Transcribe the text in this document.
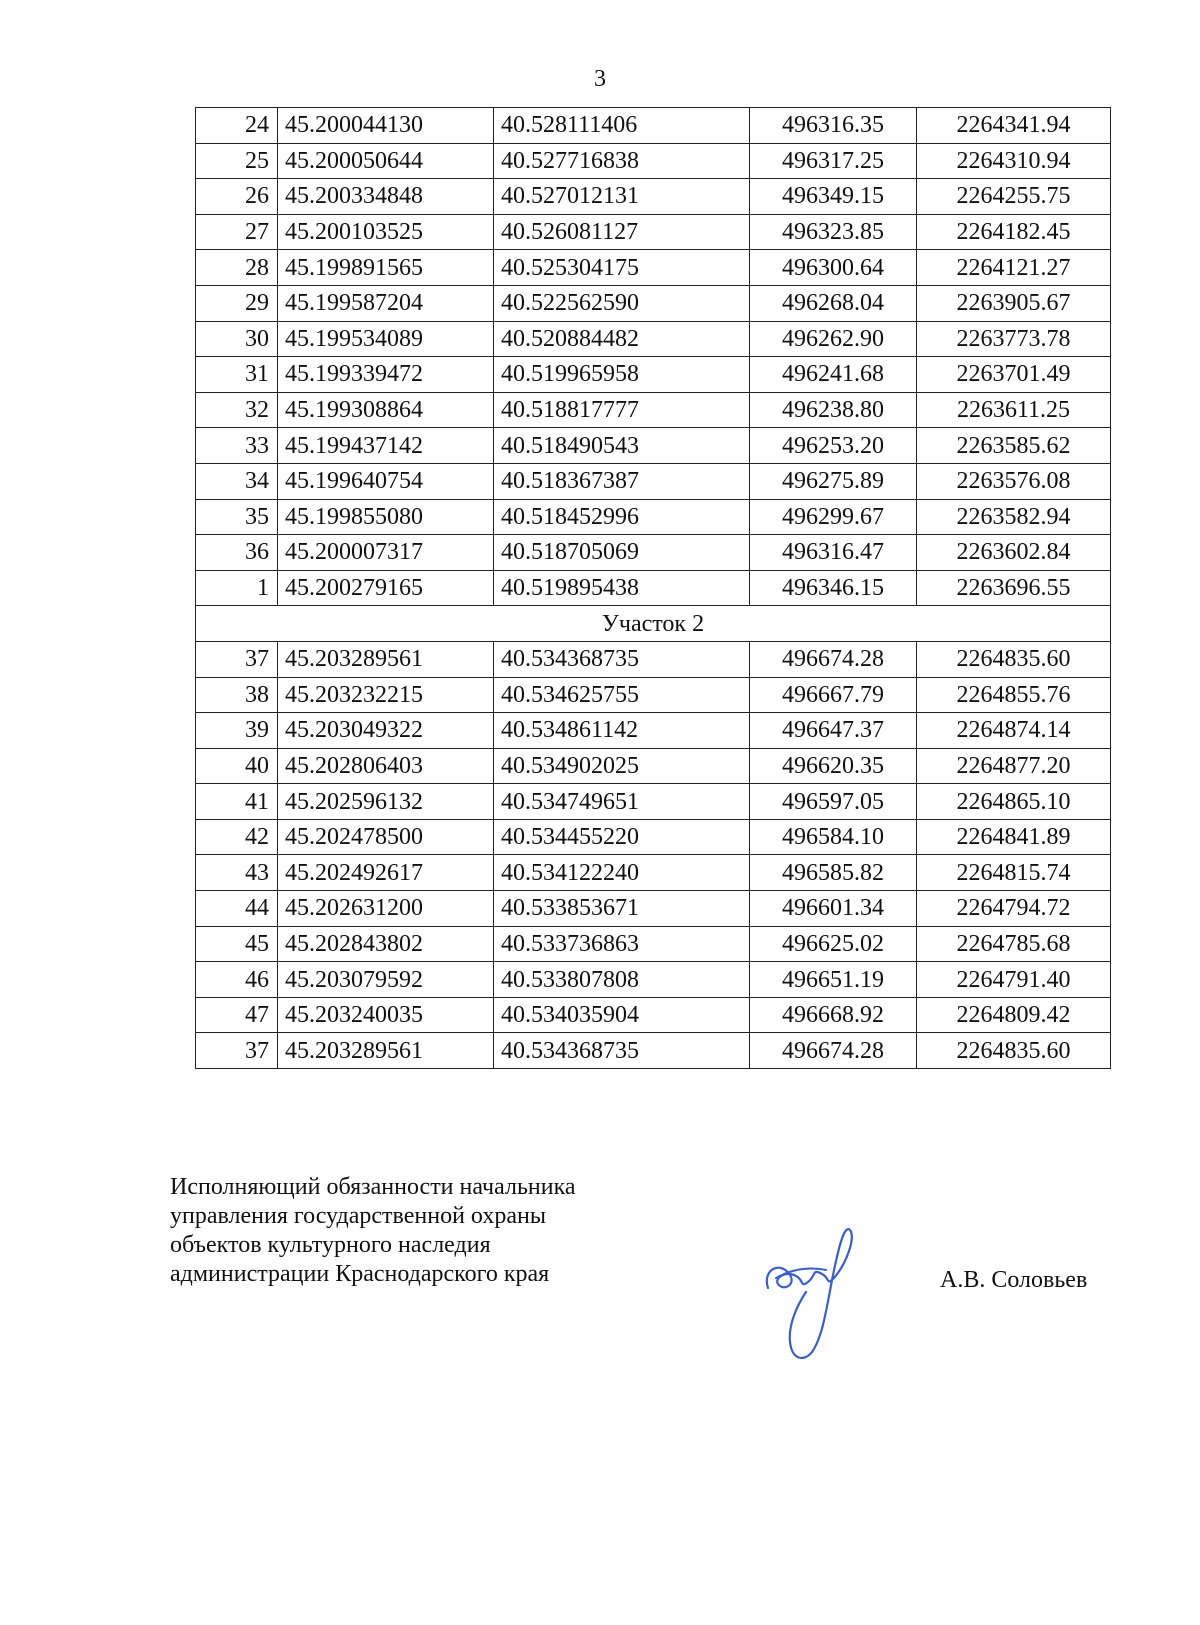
3
24	45.200044130	40.528111406	496316.35	2264341.94
25	45.200050644	40.527716838	496317.25	2264310.94
26	45.200334848	40.527012131	496349.15	2264255.75
27	45.200103525	40.526081127	496323.85	2264182.45
28	45.199891565	40.525304175	496300.64	2264121.27
29	45.199587204	40.522562590	496268.04	2263905.67
30	45.199534089	40.520884482	496262.90	2263773.78
31	45.199339472	40.519965958	496241.68	2263701.49
32	45.199308864	40.518817777	496238.80	2263611.25
33	45.199437142	40.518490543	496253.20	2263585.62
34	45.199640754	40.518367387	496275.89	2263576.08
35	45.199855080	40.518452996	496299.67	2263582.94
36	45.200007317	40.518705069	496316.47	2263602.84
1	45.200279165	40.519895438	496346.15	2263696.55
Участок 2				
37	45.203289561	40.534368735	496674.28	2264835.60
38	45.203232215	40.534625755	496667.79	2264855.76
39	45.203049322	40.534861142	496647.37	2264874.14
40	45.202806403	40.534902025	496620.35	2264877.20
41	45.202596132	40.534749651	496597.05	2264865.10
42	45.202478500	40.534455220	496584.10	2264841.89
43	45.202492617	40.534122240	496585.82	2264815.74
44	45.202631200	40.533853671	496601.34	2264794.72
45	45.202843802	40.533736863	496625.02	2264785.68
46	45.203079592	40.533807808	496651.19	2264791.40
47	45.203240035	40.534035904	496668.92	2264809.42
37	45.203289561	40.534368735	496674.28	2264835.60
Исполняющий обязанности начальника
управления государственной охраны
объектов культурного наследия
администрации Краснодарского края	А.В. Соловьев
